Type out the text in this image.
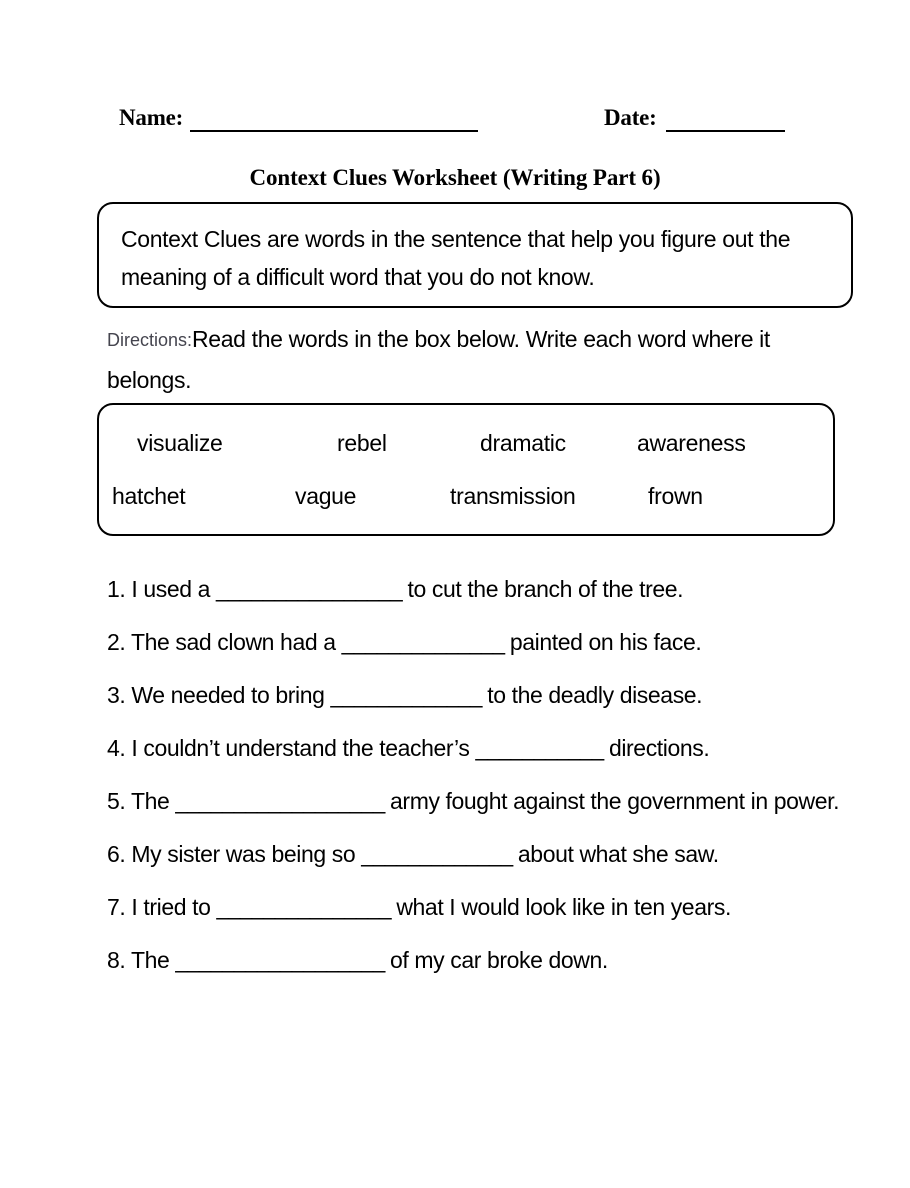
Name:	Date:
Context Clues Worksheet (Writing Part 6)
Context Clues are words in the sentence that help you figure out the meaning of a difficult word that you do not know.
Directions:Read the words in the box below. Write each word where it belongs.
visualize	rebel	dramatic	awareness
hatchet	vague	transmission	frown
1. I used a ________________ to cut the branch of the tree.
2. The sad clown had a ______________ painted on his face.
3. We needed to bring _____________ to the deadly disease.
4. I couldn’t understand the teacher’s ___________ directions.
5. The __________________ army fought against the government in power.
6. My sister was being so _____________ about what she saw.
7. I tried to _______________ what I would look like in ten years.
8. The __________________ of my car broke down.
